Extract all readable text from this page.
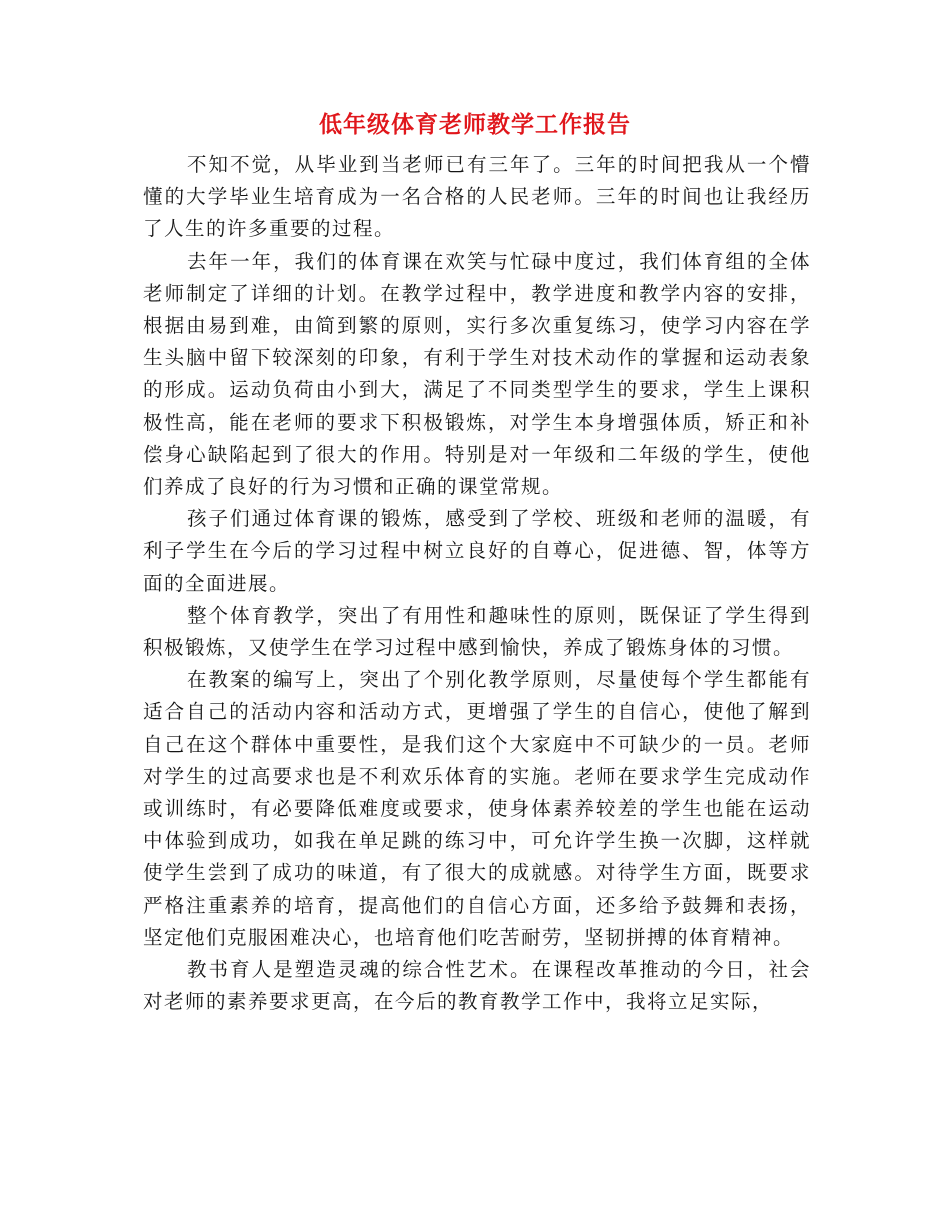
低年级体育老师教学工作报告

不知不觉，从毕业到当老师已有三年了。三年的时间把我从一个懵懂的大学毕业生培育成为一名合格的人民老师。三年的时间也让我经历了人生的许多重要的过程。

去年一年，我们的体育课在欢笑与忙碌中度过，我们体育组的全体老师制定了详细的计划。在教学过程中，教学进度和教学内容的安排，根据由易到难，由简到繁的原则，实行多次重复练习，使学习内容在学生头脑中留下较深刻的印象，有利于学生对技术动作的掌握和运动表象的形成。运动负荷由小到大，满足了不同类型学生的要求，学生上课积极性高，能在老师的要求下积极锻炼，对学生本身增强体质，矫正和补偿身心缺陷起到了很大的作用。特别是对一年级和二年级的学生，使他们养成了良好的行为习惯和正确的课堂常规。

孩子们通过体育课的锻炼，感受到了学校、班级和老师的温暖，有利子学生在今后的学习过程中树立良好的自尊心，促进德、智，体等方面的全面进展。

整个体育教学，突出了有用性和趣味性的原则，既保证了学生得到积极锻炼，又使学生在学习过程中感到愉快，养成了锻炼身体的习惯。

在教案的编写上，突出了个别化教学原则，尽量使每个学生都能有适合自己的活动内容和活动方式，更增强了学生的自信心，使他了解到自己在这个群体中重要性，是我们这个大家庭中不可缺少的一员。老师对学生的过高要求也是不利欢乐体育的实施。老师在要求学生完成动作或训练时，有必要降低难度或要求，使身体素养较差的学生也能在运动中体验到成功，如我在单足跳的练习中，可允许学生换一次脚，这样就使学生尝到了成功的味道，有了很大的成就感。对待学生方面，既要求严格注重素养的培育，提高他们的自信心方面，还多给予鼓舞和表扬，坚定他们克服困难决心，也培育他们吃苦耐劳，坚韧拼搏的体育精神。

教书育人是塑造灵魂的综合性艺术。在课程改革推动的今日，社会对老师的素养要求更高，在今后的教育教学工作中，我将立足实际，
